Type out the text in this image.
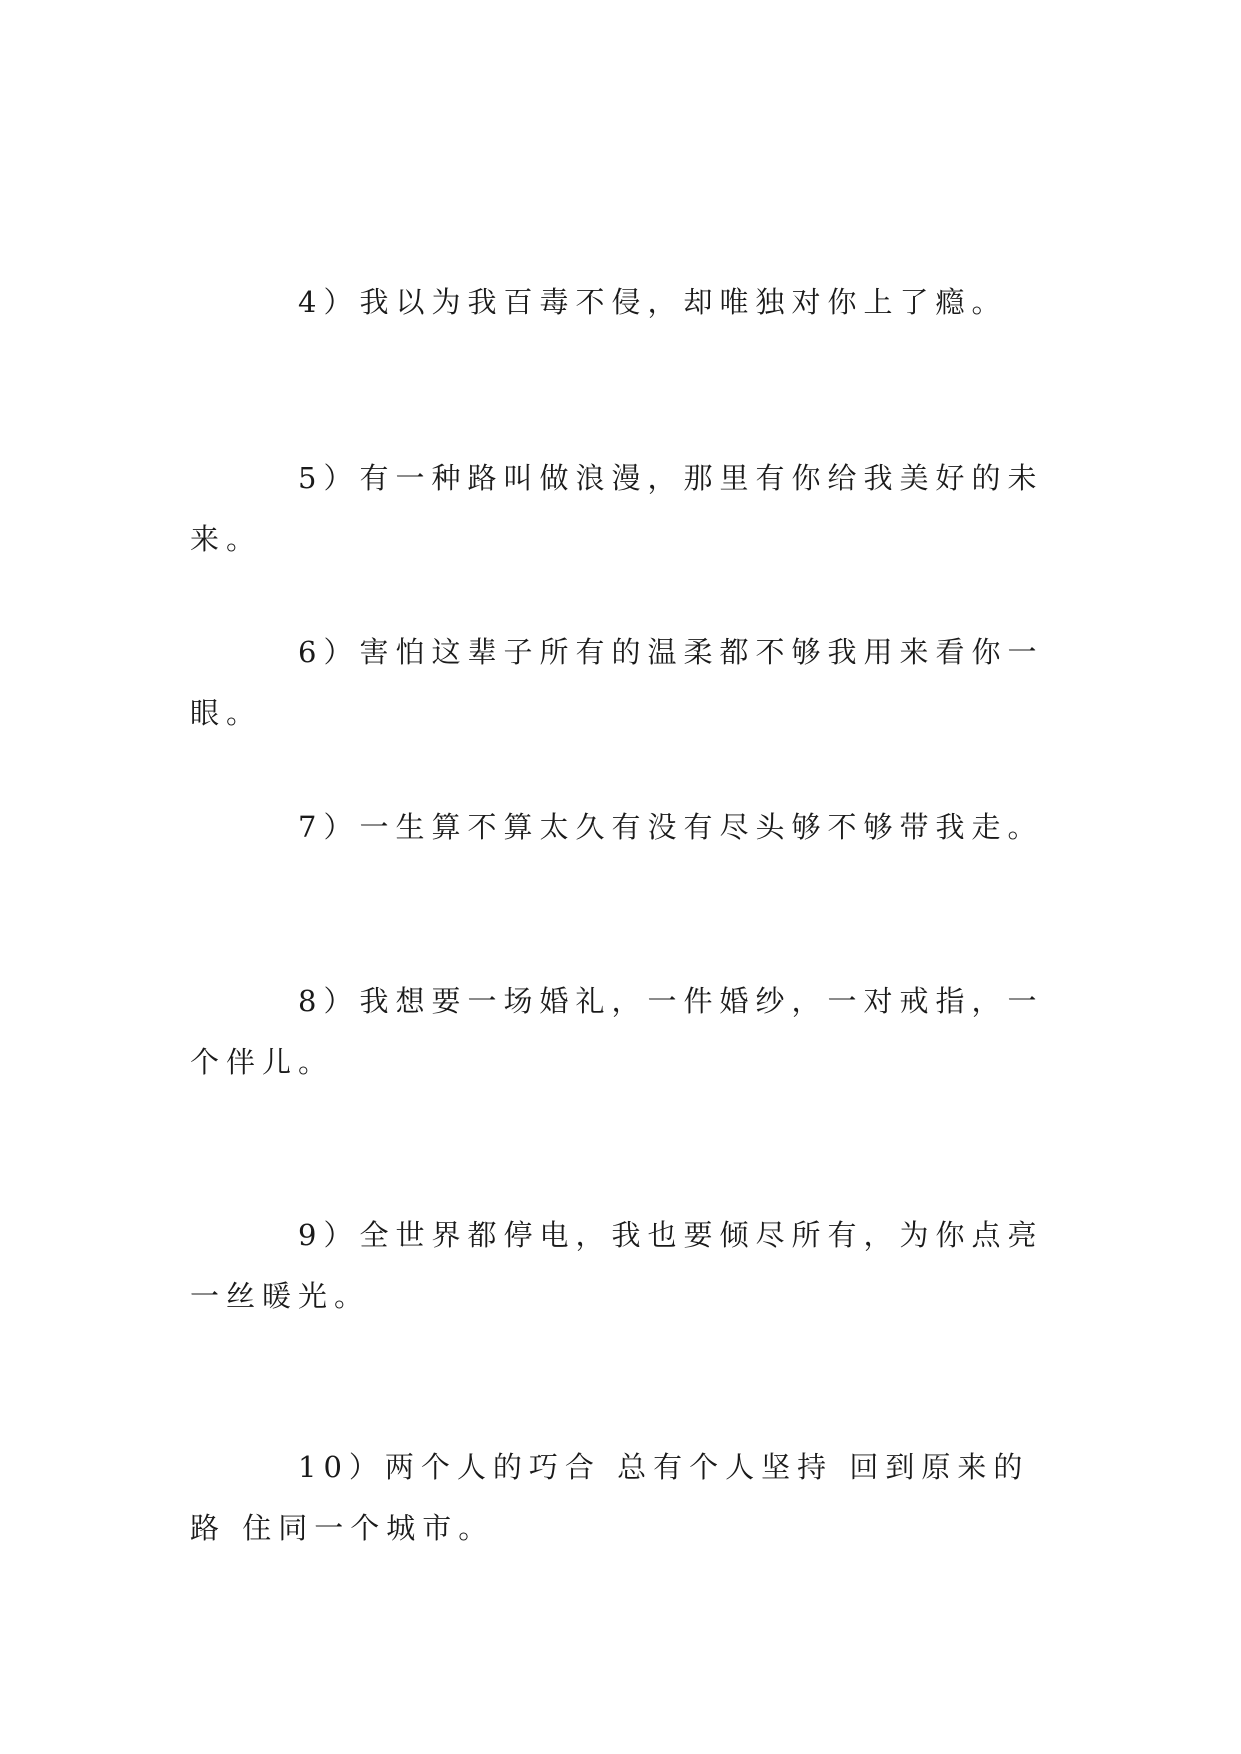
4）我以为我百毒不侵，却唯独对你上了瘾。

5）有一种路叫做浪漫，那里有你给我美好的未来。

6）害怕这辈子所有的温柔都不够我用来看你一眼。

7）一生算不算太久有没有尽头够不够带我走。

8）我想要一场婚礼，一件婚纱，一对戒指，一个伴儿。

9）全世界都停电，我也要倾尽所有，为你点亮一丝暖光。

10）两个人的巧合 总有个人坚持 回到原来的路 住同一个城市。
